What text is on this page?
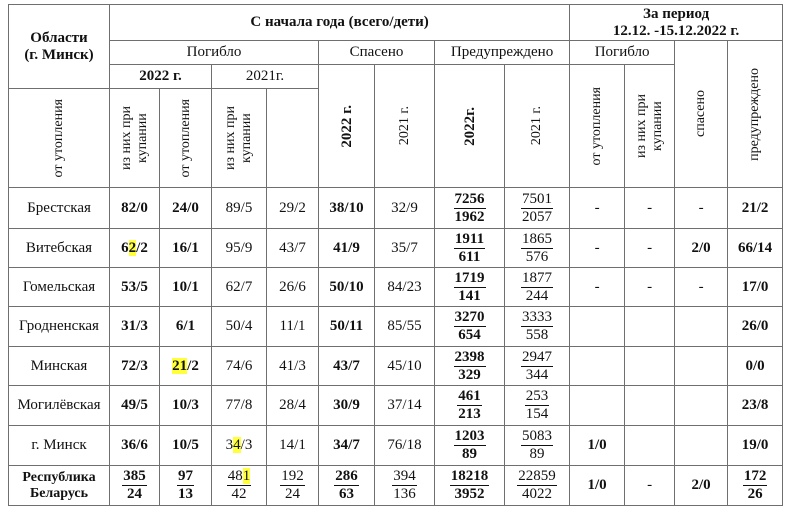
Области
(г. Минск)	С начала года (всего/дети)								За период
12.12. -15.12.2022 г.			
	Погибло				Спасено		Предупреждено		Погибло		спасено	предупреждено

	2022 г.		2021г.		2022 г.	2021 г.	2022г.	2021 г.	от утопления	из них при купании		

от утопления	из них при купании	от утопления	из них при купании									

Брестская	82/0	24/0	89/5	29/2	38/10	32/9	$\frac{7256}{1962}$	$\frac{7501}{2057}$	-	-	-	21/2
Витебская	62/2	16/1	95/9	43/7	41/9	35/7	$\frac{1911}{611}$	$\frac{1865}{576}$	-	-	2/0	66/14
Гомельская	53/5	10/1	62/7	26/6	50/10	84/23	$\frac{1719}{141}$	$\frac{1877}{244}$	-	-	-	17/0
Гродненская	31/3	6/1	50/4	11/1	50/11	85/55	$\frac{3270}{654}$	$\frac{3333}{558}$				26/0
Минская	72/3	21/2	74/6	41/3	43/7	45/10	$\frac{2398}{329}$	$\frac{2947}{344}$				0/0
Могилёвская	49/5	10/3	77/8	28/4	30/9	37/14	$\frac{461}{213}$	$\frac{253}{154}$				23/8
г. Минск	36/6	10/5	34/3	14/1	34/7	76/18	$\frac{1203}{89}$	$\frac{5083}{89}$	1/0			19/0
Республика
Беларусь	$\frac{385}{24}$	$\frac{97}{13}$	$\frac{481}{42}$	$\frac{192}{24}$	$\frac{286}{63}$	$\frac{394}{136}$	$\frac{18218}{3952}$	$\frac{22859}{4022}$	1/0	-	2/0	$\frac{172}{26}$
